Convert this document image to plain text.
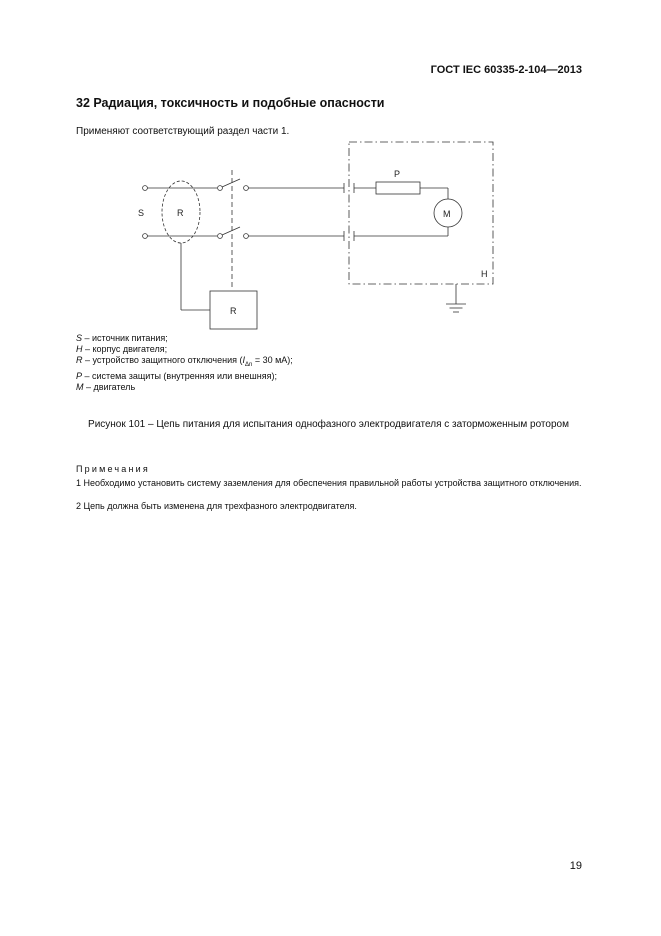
ГОСТ IEC 60335-2-104—2013
32 Радиация, токсичность и подобные опасности
Применяют соответствующий раздел части 1.
S	R
P
M
H
R
S – источник питания;
H – корпус двигателя;
R – устройство защитного отключения ($I_{\Delta n} = 30$ мА);
P – система защиты (внутренняя или внешняя);
M – двигатель
Рисунок 101 – Цепь питания для испытания однофазного электродвигателя с заторможенным ротором
Примечания
1 Необходимо установить систему заземления для обеспечения правильной работы устройства защитного отключения.
2 Цепь должна быть изменена для трехфазного электродвигателя.
19
